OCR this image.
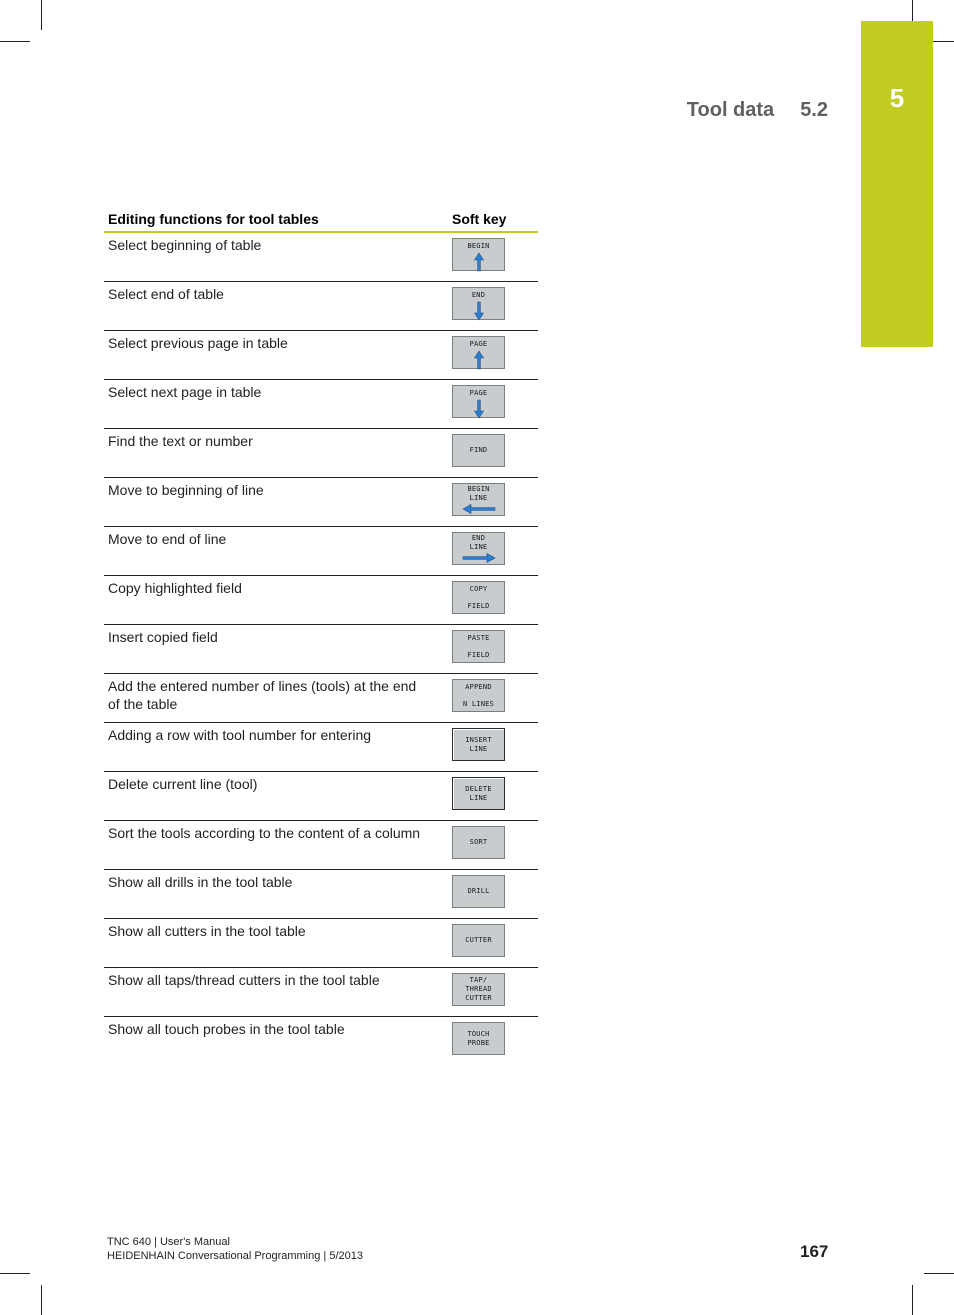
5
Tool data 5.2
Editing functions for tool tables	Soft key
Select beginning of table	BEGIN

Select end of table	END

Select previous page in table	PAGE

Select next page in table	PAGE

Find the text or number	FIND

Move to beginning of line	BEGIN
LINE

Move to end of line	END
LINE

Copy highlighted field	COPY
FIELD

Insert copied field	PASTE
FIELD

Add the entered number of lines (tools) at the end of the table	APPEND
N LINES

Adding a row with tool number for entering	INSERT
LINE

Delete current line (tool)	DELETE
LINE

Sort the tools according to the content of a column	SORT

Show all drills in the tool table	DRILL

Show all cutters in the tool table	CUTTER

Show all taps/thread cutters in the tool table	TAP/
THREAD
CUTTER

Show all touch probes in the tool table	TOUCH
PROBE
TNC 640 | User's Manual
HEIDENHAIN Conversational Programming | 5/2013	167
